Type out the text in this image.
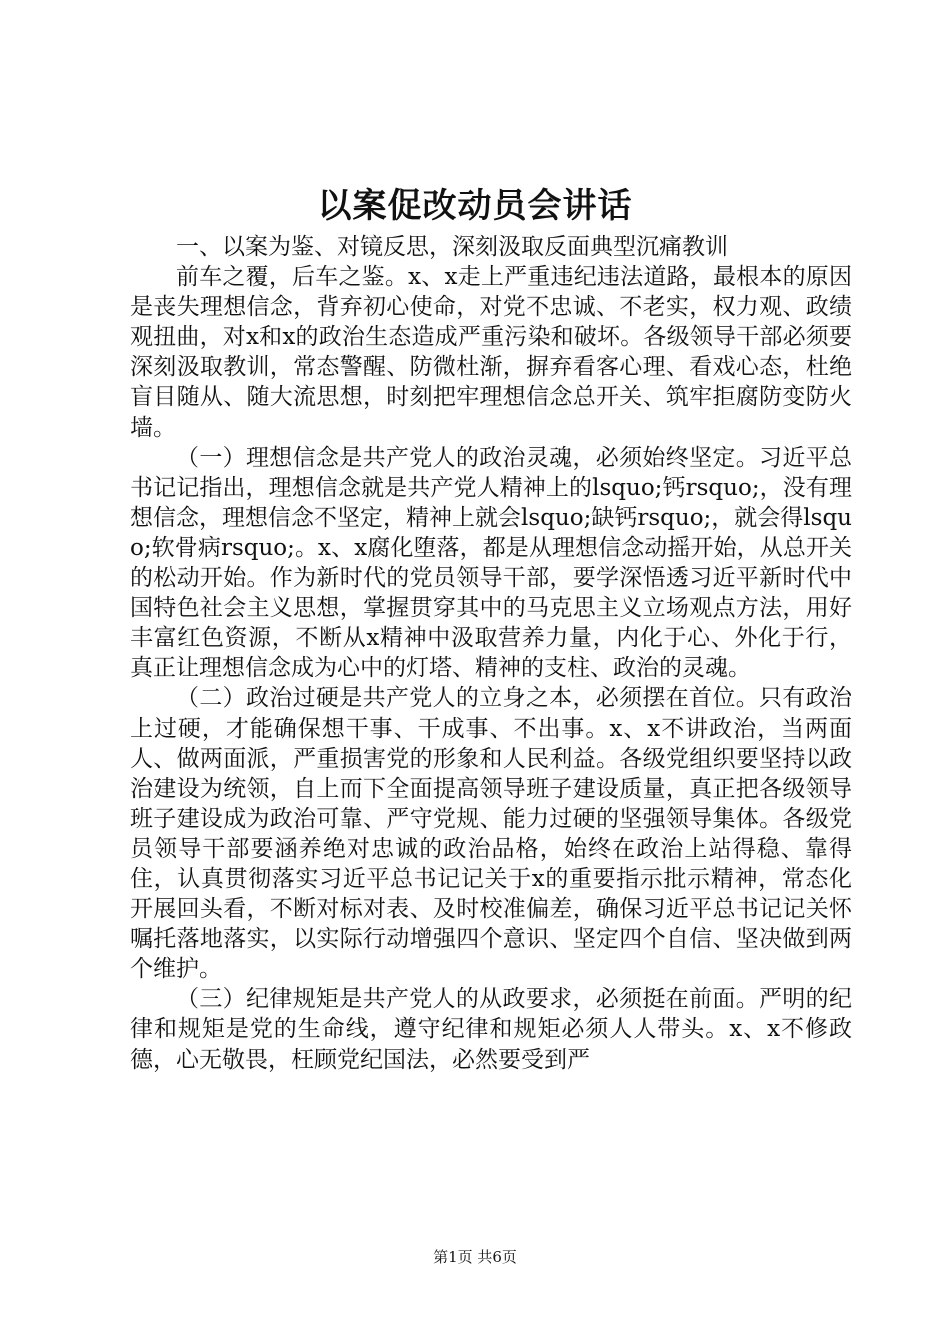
以案促改动员会讲话

一、以案为鉴、对镜反思，深刻汲取反面典型沉痛教训

前车之覆，后车之鉴。x、x走上严重违纪违法道路，最根本的原因是丧失理想信念，背弃初心使命，对党不忠诚、不老实，权力观、政绩观扭曲，对x和x的政治生态造成严重污染和破坏。各级领导干部必须要深刻汲取教训，常态警醒、防微杜渐，摒弃看客心理、看戏心态，杜绝盲目随从、随大流思想，时刻把牢理想信念总开关、筑牢拒腐防变防火墙。

（一）理想信念是共产党人的政治灵魂，必须始终坚定。习近平总书记记指出，理想信念就是共产党人精神上的lsquo;钙rsquo;，没有理想信念，理想信念不坚定，精神上就会lsquo;缺钙rsquo;，就会得lsquo;软骨病rsquo;。x、x腐化堕落，都是从理想信念动摇开始，从总开关的松动开始。作为新时代的党员领导干部，要学深悟透习近平新时代中国特色社会主义思想，掌握贯穿其中的马克思主义立场观点方法，用好丰富红色资源，不断从x精神中汲取营养力量，内化于心、外化于行，真正让理想信念成为心中的灯塔、精神的支柱、政治的灵魂。

（二）政治过硬是共产党人的立身之本，必须摆在首位。只有政治上过硬，才能确保想干事、干成事、不出事。x、x不讲政治，当两面人、做两面派，严重损害党的形象和人民利益。各级党组织要坚持以政治建设为统领，自上而下全面提高领导班子建设质量，真正把各级领导班子建设成为政治可靠、严守党规、能力过硬的坚强领导集体。各级党员领导干部要涵养绝对忠诚的政治品格，始终在政治上站得稳、靠得住，认真贯彻落实习近平总书记记关于x的重要指示批示精神，常态化开展回头看，不断对标对表、及时校准偏差，确保习近平总书记记关怀嘱托落地落实，以实际行动增强四个意识、坚定四个自信、坚决做到两个维护。

（三）纪律规矩是共产党人的从政要求，必须挺在前面。严明的纪律和规矩是党的生命线，遵守纪律和规矩必须人人带头。x、x不修政德，心无敬畏，枉顾党纪国法，必然要受到严

第1页 共6页
